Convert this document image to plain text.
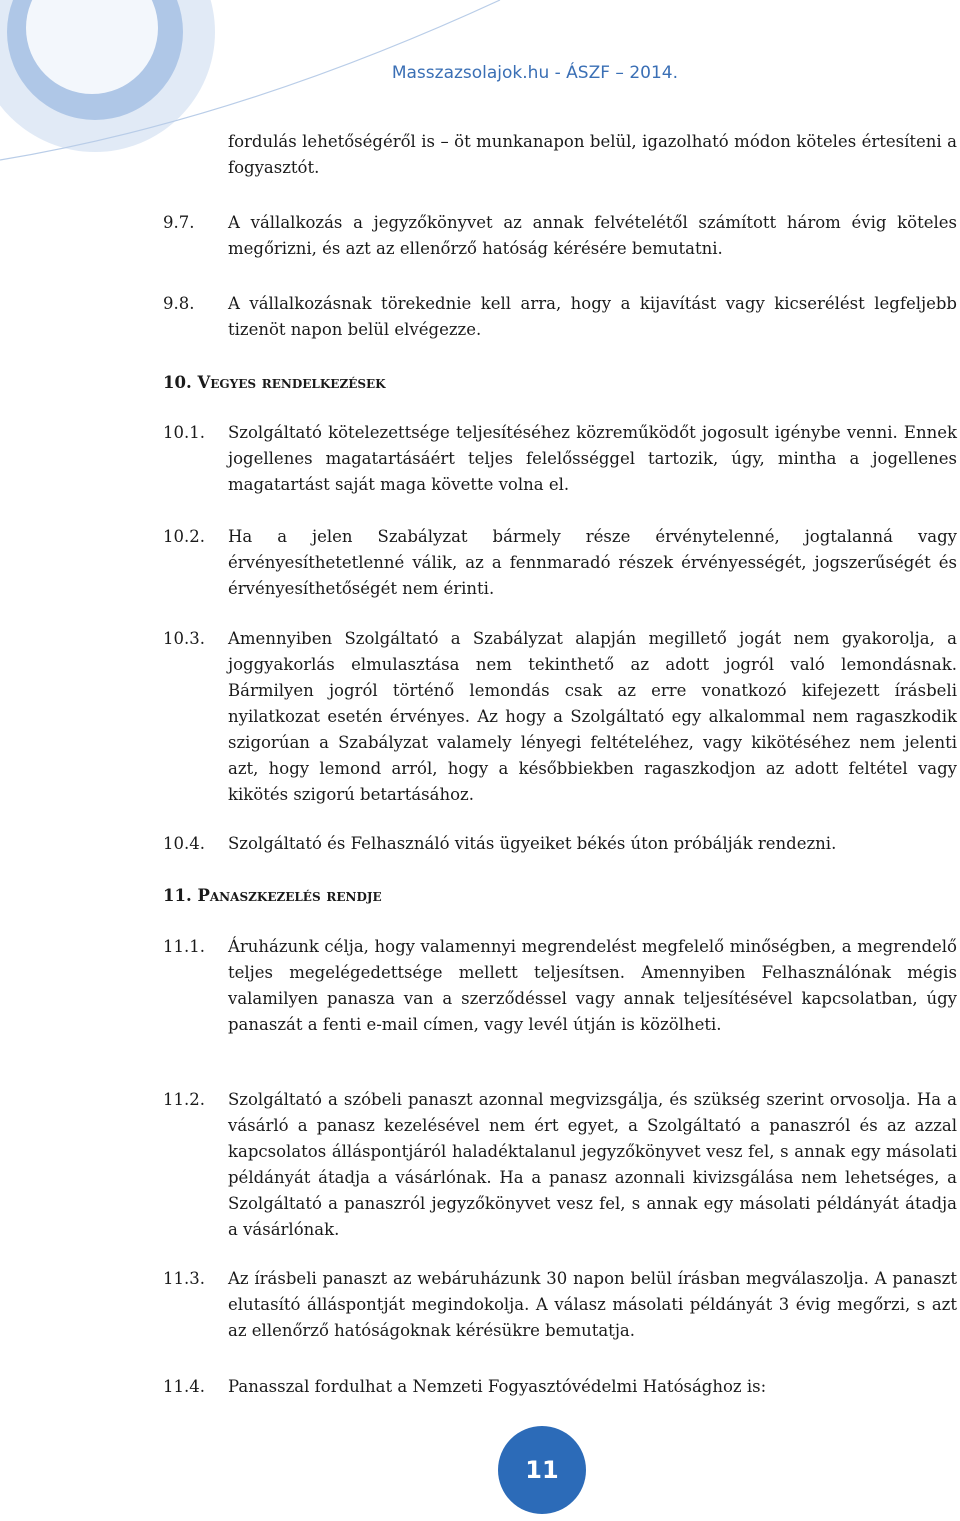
Masszazsolajok.hu - ÁSZF – 2014.
fordulás lehetőségéről is – öt munkanapon belül, igazolható módon köteles értesíteni a fogyasztót.
9.7.	A vállalkozás a jegyzőkönyvet az annak felvételétől számított három évig köteles megőrizni, és azt az ellenőrző hatóság kérésére bemutatni.
9.8.	A vállalkozásnak törekednie kell arra, hogy a kijavítást vagy kicserélést legfeljebb tizenöt napon belül elvégezze.
10. Vegyes rendelkezések
10.1.	Szolgáltató kötelezettsége teljesítéséhez közreműködőt jogosult igénybe venni. Ennek jogellenes magatartásáért teljes felelősséggel tartozik, úgy, mintha a jogellenes magatartást saját maga követte volna el.
10.2.	Ha a jelen Szabályzat bármely része érvénytelenné, jogtalanná vagy érvényesíthetetlenné válik, az a fennmaradó részek érvényességét, jogszerűségét és érvényesíthetőségét nem érinti.
10.3.	Amennyiben Szolgáltató a Szabályzat alapján megillető jogát nem gyakorolja, a joggyakorlás elmulasztása nem tekinthető az adott jogról való lemondásnak. Bármilyen jogról történő lemondás csak az erre vonatkozó kifejezett írásbeli nyilatkozat esetén érvényes. Az hogy a Szolgáltató egy alkalommal nem ragaszkodik szigorúan a Szabályzat valamely lényegi feltételéhez, vagy kikötéséhez nem jelenti azt, hogy lemond arról, hogy a későbbiekben ragaszkodjon az adott feltétel vagy kikötés szigorú betartásához.
10.4.	Szolgáltató és Felhasználó vitás ügyeiket békés úton próbálják rendezni.
11. Panaszkezelés rendje
11.1.	Áruházunk célja, hogy valamennyi megrendelést megfelelő minőségben, a megrendelő teljes megelégedettsége mellett teljesítsen. Amennyiben Felhasználónak mégis valamilyen panasza van a szerződéssel vagy annak teljesítésével kapcsolatban, úgy panaszát a fenti e-mail címen, vagy levél útján is közölheti.
11.2.	Szolgáltató a szóbeli panaszt azonnal megvizsgálja, és szükség szerint orvosolja. Ha a vásárló a panasz kezelésével nem ért egyet, a Szolgáltató a panaszról és az azzal kapcsolatos álláspontjáról haladéktalanul jegyzőkönyvet vesz fel, s annak egy másolati példányát átadja a vásárlónak. Ha a panasz azonnali kivizsgálása nem lehetséges, a Szolgáltató a panaszról jegyzőkönyvet vesz fel, s annak egy másolati példányát átadja a vásárlónak.
11.3.	Az írásbeli panaszt az webáruházunk 30 napon belül írásban megválaszolja. A panaszt elutasító álláspontját megindokolja. A válasz másolati példányát 3 évig megőrzi, s azt az ellenőrző hatóságoknak kérésükre bemutatja.
11.4.	Panasszal fordulhat a Nemzeti Fogyasztóvédelmi Hatósághoz is:
11
